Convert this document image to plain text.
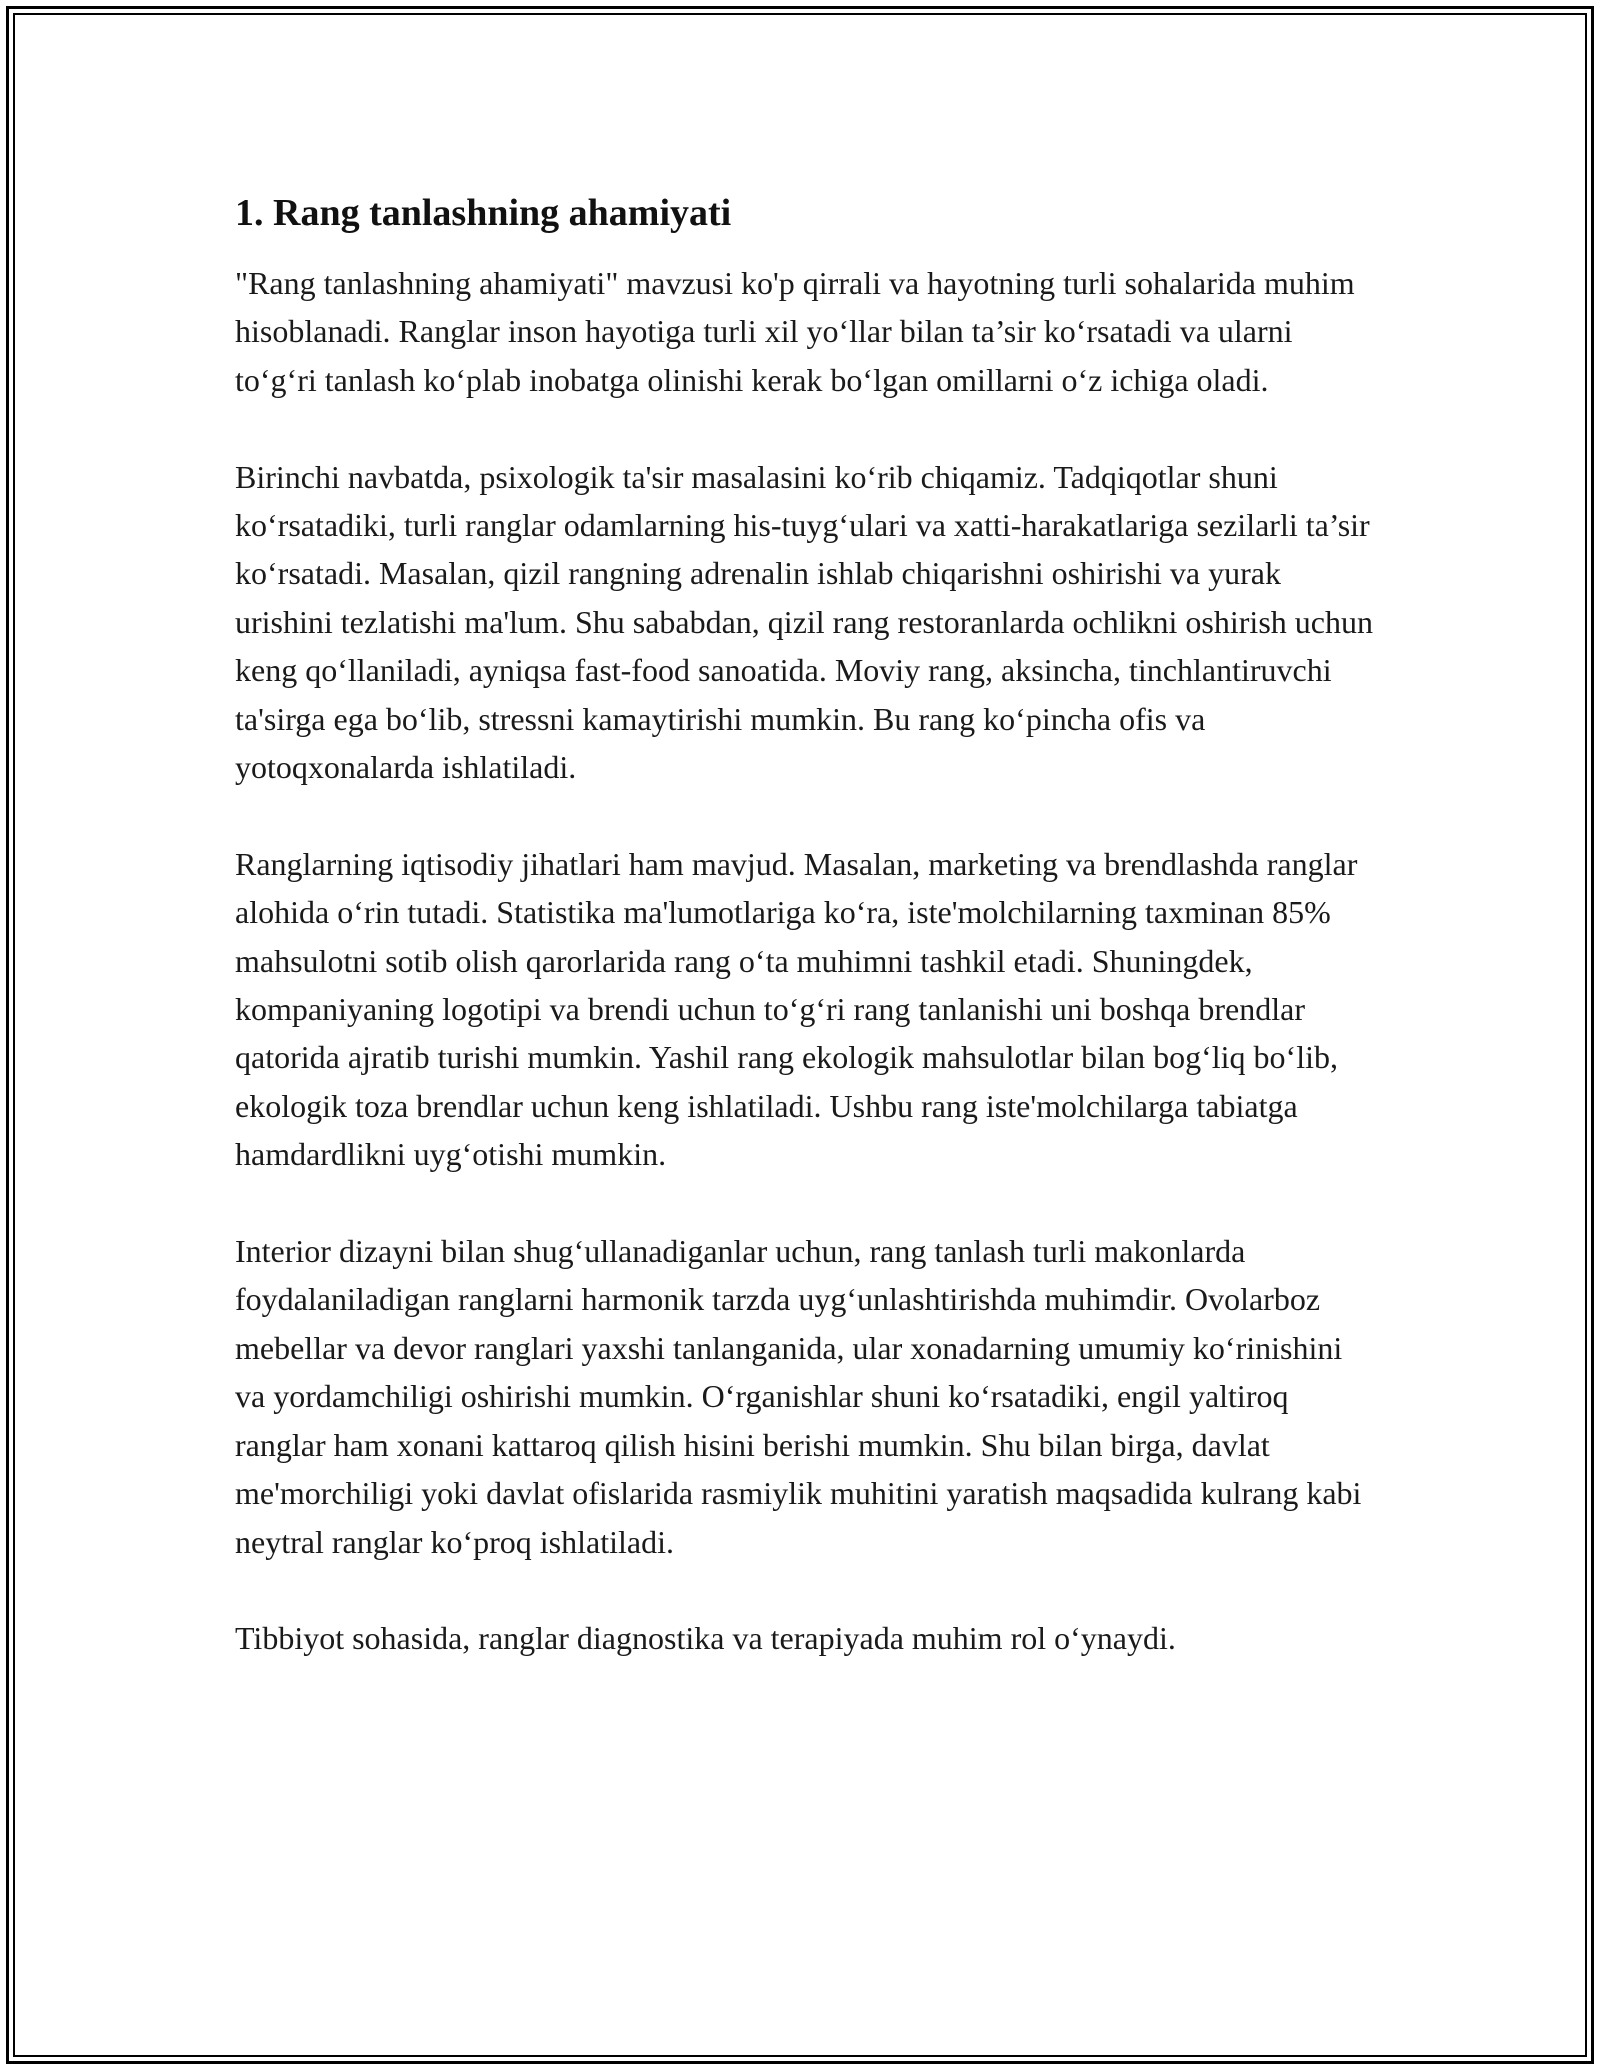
1. Rang tanlashning ahamiyati

"Rang tanlashning ahamiyati" mavzusi ko'p qirrali va hayotning turli sohalarida muhim hisoblanadi. Ranglar inson hayotiga turli xil yo‘llar bilan ta’sir ko‘rsatadi va ularni to‘g‘ri tanlash ko‘plab inobatga olinishi kerak bo‘lgan omillarni o‘z ichiga oladi.

Birinchi navbatda, psixologik ta'sir masalasini ko‘rib chiqamiz. Tadqiqotlar shuni ko‘rsatadiki, turli ranglar odamlarning his-tuyg‘ulari va xatti-harakatlariga sezilarli ta’sir ko‘rsatadi. Masalan, qizil rangning adrenalin ishlab chiqarishni oshirishi va yurak urishini tezlatishi ma'lum. Shu sababdan, qizil rang restoranlarda ochlikni oshirish uchun keng qo‘llaniladi, ayniqsa fast-food sanoatida. Moviy rang, aksincha, tinchlantiruvchi ta'sirga ega bo‘lib, stressni kamaytirishi mumkin. Bu rang ko‘pincha ofis va yotoqxonalarda ishlatiladi.

Ranglarning iqtisodiy jihatlari ham mavjud. Masalan, marketing va brendlashda ranglar alohida o‘rin tutadi. Statistika ma'lumotlariga ko‘ra, iste'molchilarning taxminan 85% mahsulotni sotib olish qarorlarida rang o‘ta muhimni tashkil etadi. Shuningdek, kompaniyaning logotipi va brendi uchun to‘g‘ri rang tanlanishi uni boshqa brendlar qatorida ajratib turishi mumkin. Yashil rang ekologik mahsulotlar bilan bog‘liq bo‘lib, ekologik toza brendlar uchun keng ishlatiladi. Ushbu rang iste'molchilarga tabiatga hamdardlikni uyg‘otishi mumkin.

Interior dizayni bilan shug‘ullanadiganlar uchun, rang tanlash turli makonlarda foydalaniladigan ranglarni harmonik tarzda uyg‘unlashtirishda muhimdir. Ovolarboz mebellar va devor ranglari yaxshi tanlanganida, ular xonadarning umumiy ko‘rinishini va yordamchiligi oshirishi mumkin. O‘rganishlar shuni ko‘rsatadiki, engil yaltiroq ranglar ham xonani kattaroq qilish hisini berishi mumkin. Shu bilan birga, davlat me'morchiligi yoki davlat ofislarida rasmiylik muhitini yaratish maqsadida kulrang kabi neytral ranglar ko‘proq ishlatiladi.

Tibbiyot sohasida, ranglar diagnostika va terapiyada muhim rol o‘ynaydi.
